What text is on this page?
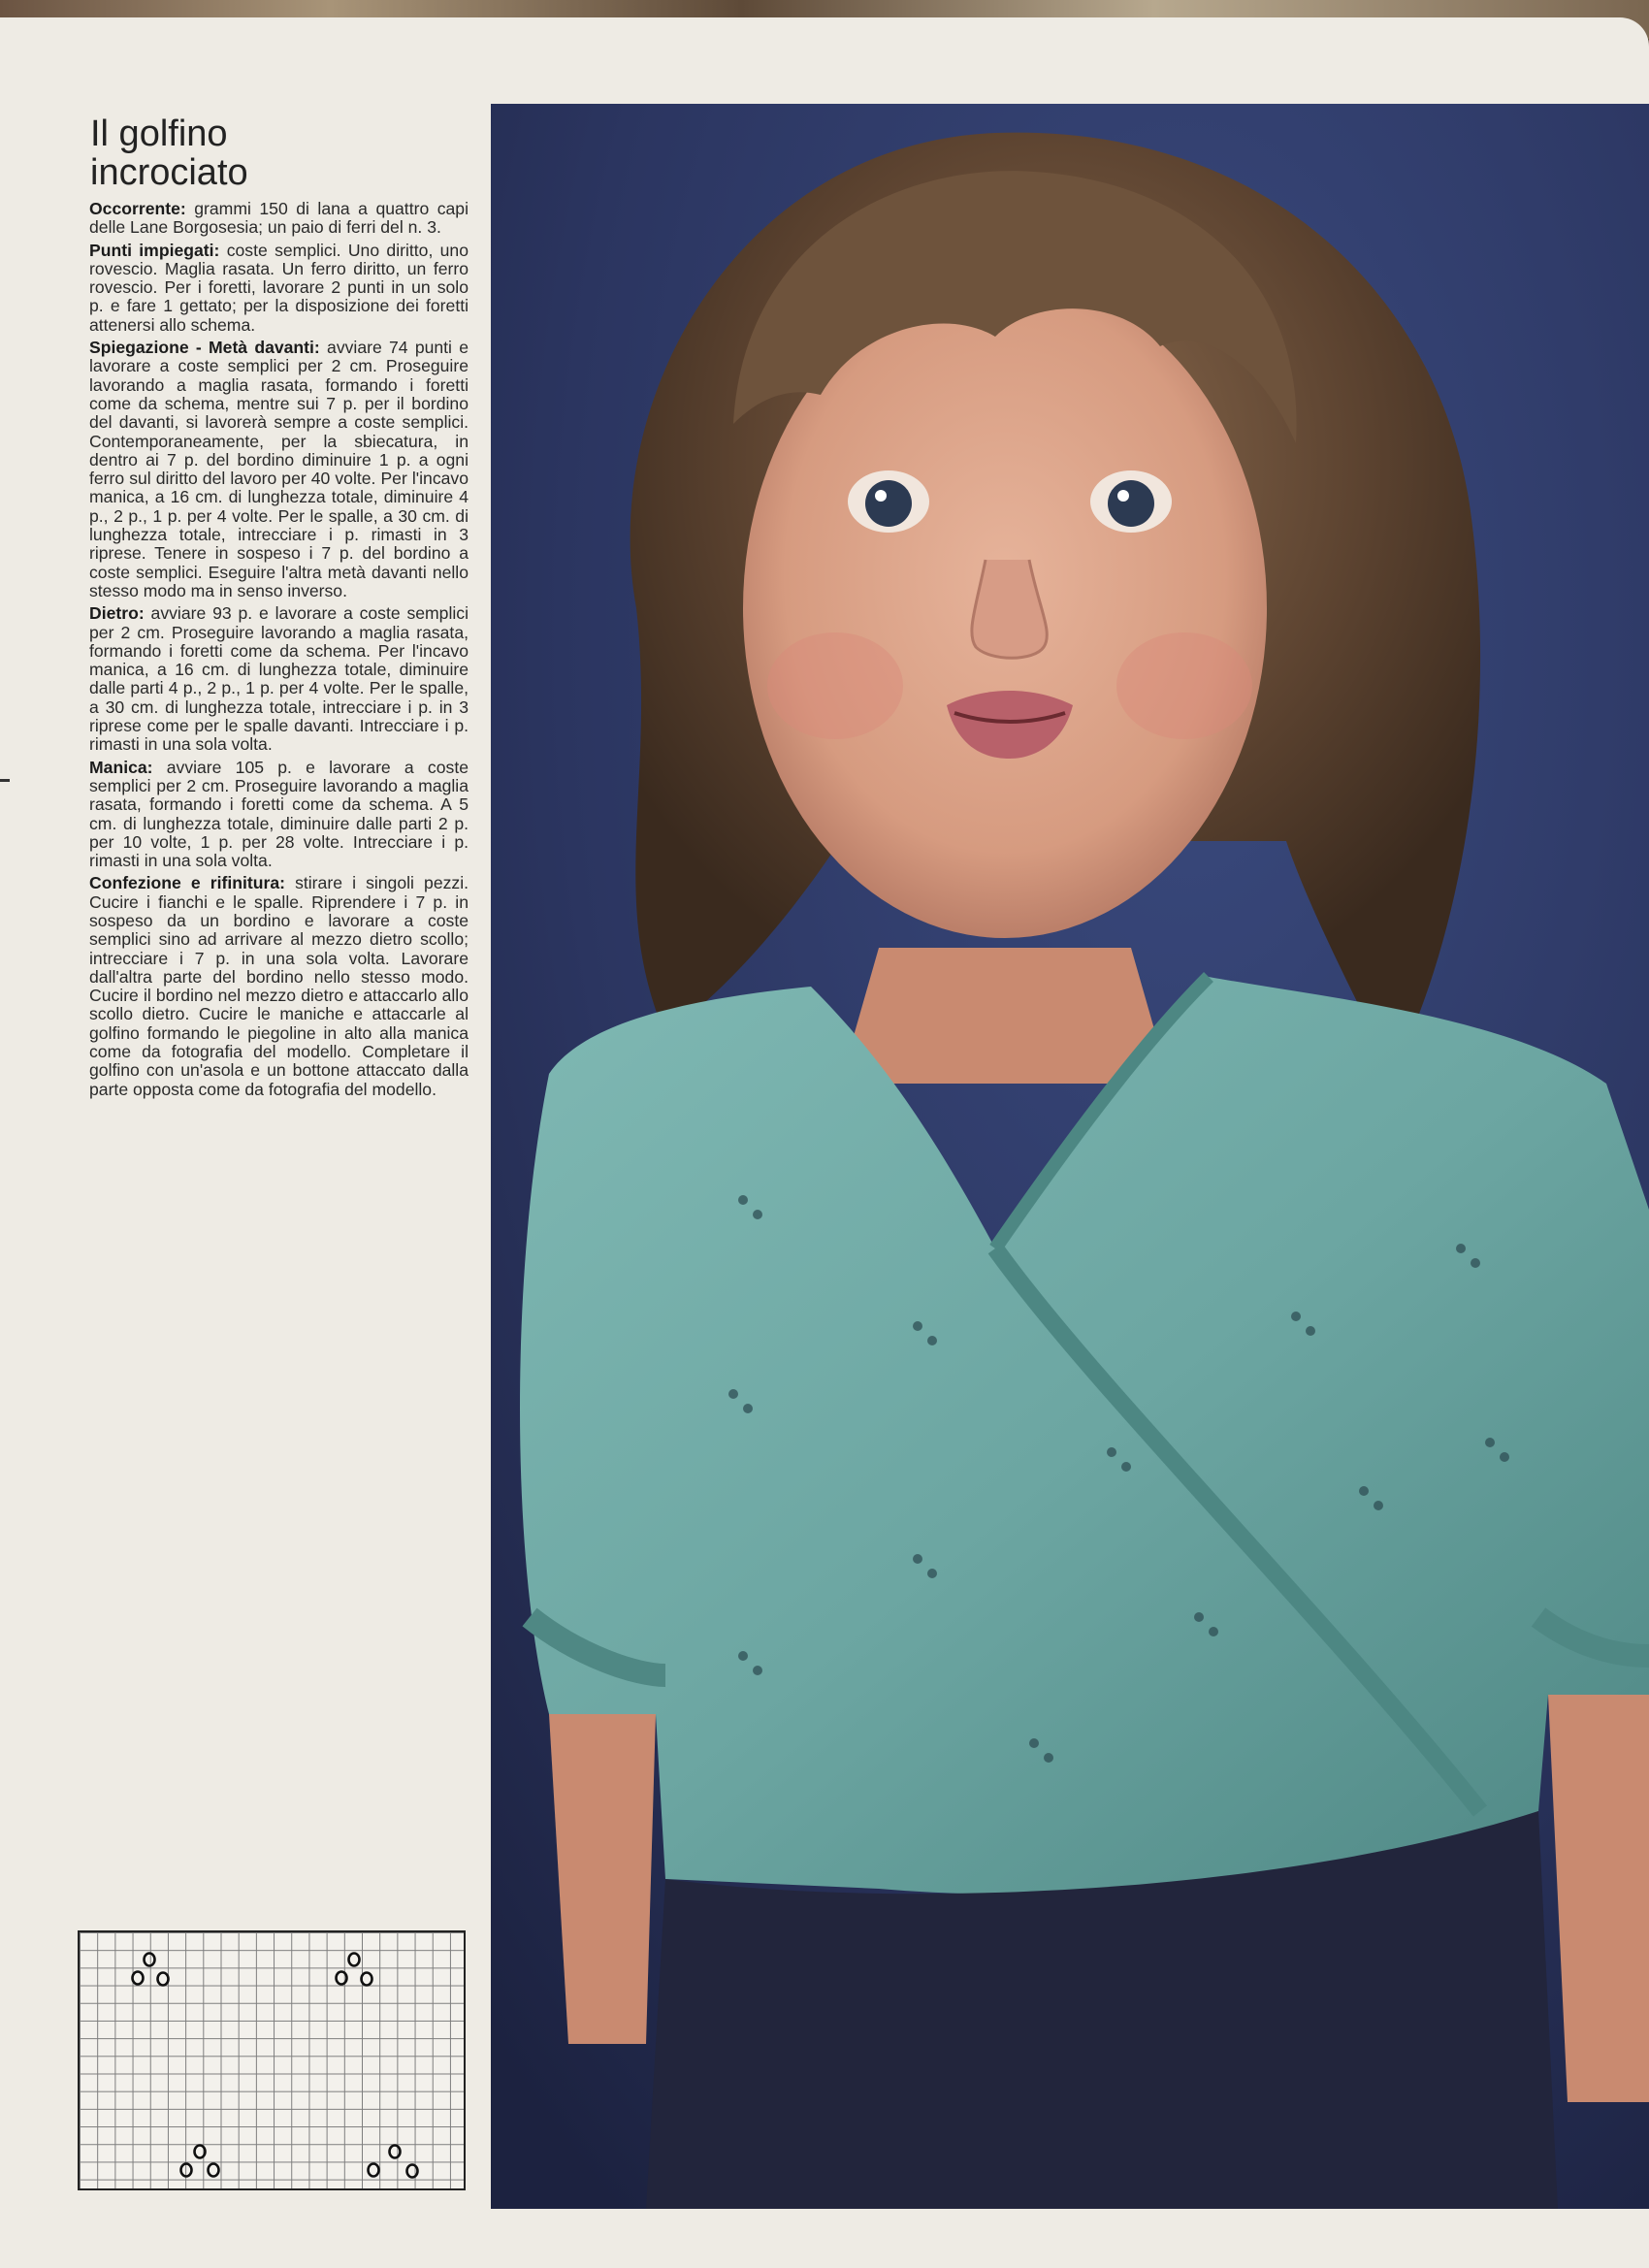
Il golfino
incrociato

Occorrente: grammi 150 di lana a quattro capi delle Lane Borgosesia; un paio di ferri del n. 3.

Punti impiegati: coste semplici. Uno diritto, uno rovescio. Maglia rasata. Un ferro diritto, un ferro rovescio. Per i foretti, lavorare 2 punti in un solo p. e fare 1 gettato; per la disposizione dei foretti attenersi allo schema.

Spiegazione - Metà davanti: avviare 74 punti e lavorare a coste semplici per 2 cm. Proseguire lavorando a maglia rasata, formando i foretti come da schema, mentre sui 7 p. per il bordino del davanti, si lavorerà sempre a coste semplici. Contemporaneamente, per la sbiecatura, in dentro ai 7 p. del bordino diminuire 1 p. a ogni ferro sul diritto del lavoro per 40 volte. Per l'incavo manica, a 16 cm. di lunghezza totale, diminuire 4 p., 2 p., 1 p. per 4 volte. Per le spalle, a 30 cm. di lunghezza totale, intrecciare i p. rimasti in 3 riprese. Tenere in sospeso i 7 p. del bordino a coste semplici. Eseguire l'altra metà davanti nello stesso modo ma in senso inverso.

Dietro: avviare 93 p. e lavorare a coste semplici per 2 cm. Proseguire lavorando a maglia rasata, formando i foretti come da schema. Per l'incavo manica, a 16 cm. di lunghezza totale, diminuire dalle parti 4 p., 2 p., 1 p. per 4 volte. Per le spalle, a 30 cm. di lunghezza totale, intrecciare i p. in 3 riprese come per le spalle davanti. Intrecciare i p. rimasti in una sola volta.

Manica: avviare 105 p. e lavorare a coste semplici per 2 cm. Proseguire lavorando a maglia rasata, formando i foretti come da schema. A 5 cm. di lunghezza totale, diminuire dalle parti 2 p. per 10 volte, 1 p. per 28 volte. Intrecciare i p. rimasti in una sola volta.

Confezione e rifinitura: stirare i singoli pezzi. Cucire i fianchi e le spalle. Riprendere i 7 p. in sospeso da un bordino e lavorare a coste semplici sino ad arrivare al mezzo dietro scollo; intrecciare i 7 p. in una sola volta. Lavorare dall'altra parte del bordino nello stesso modo. Cucire il bordino nel mezzo dietro e attaccarlo allo scollo dietro. Cucire le maniche e attaccarle al golfino formando le piegoline in alto alla manica come da fotografia del modello. Completare il golfino con un'asola e un bottone attaccato dalla parte opposta come da fotografia del modello.
